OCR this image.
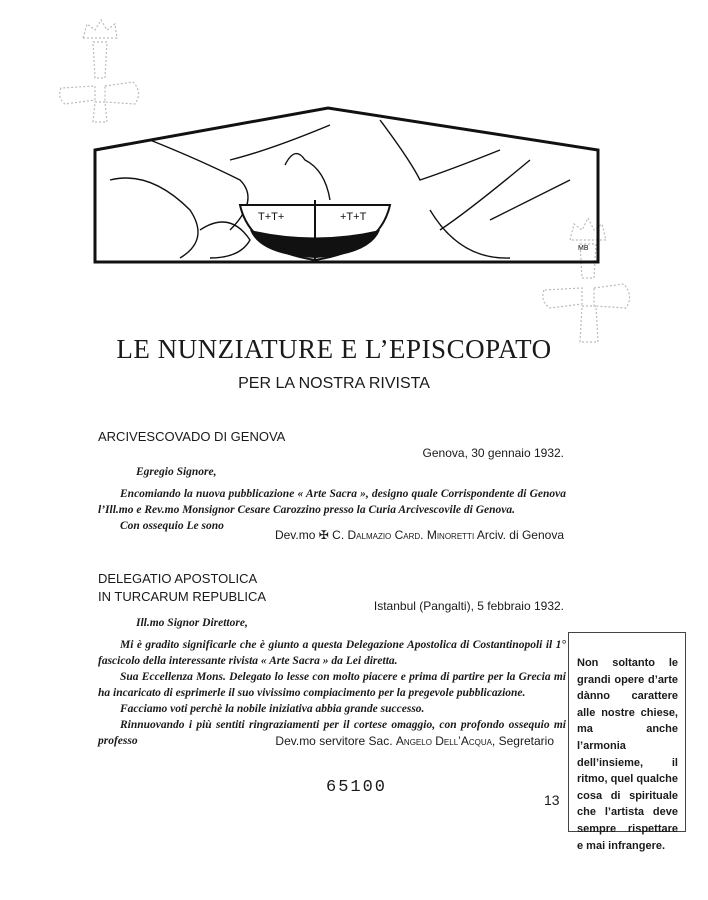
T+T+	+T+T
MB
LE NUNZIATURE E L’EPISCOPATO
PER LA NOSTRA RIVISTA
ARCIVESCOVADO DI GENOVA
Genova, 30 gennaio 1932.
Egregio Signore,

Encomiando la nuova pubblicazione « Arte Sacra », designo quale Corrispondente di Genova l’Ill.mo e Rev.mo Monsignor Cesare Carozzino presso la Curia Arcivescovile di Genova.

Con ossequio Le sono

Dev.mo ✠ C. Dalmazio Card. Minoretti Arciv. di Genova
DELEGATIO APOSTOLICA
IN TURCARUM REPUBLICA
Istanbul (Pangalti), 5 febbraio 1932.
Ill.mo Signor Direttore,

Mi è gradito significarle che è giunto a questa Delegazione Apostolica di Costantinopoli il 1° fascicolo della interessante rivista « Arte Sacra » da Lei diretta.

Sua Eccellenza Mons. Delegato lo lesse con molto piacere e prima di partire per la Grecia mi ha incaricato di esprimerle il suo vivissimo compiacimento per la pregevole pubblicazione.

Facciamo voti perchè la nobile iniziativa abbia grande successo.

Rinnuovando i più sentiti ringraziamenti per il cortese omaggio, con profondo ossequio mi professo	Dev.mo servitore Sac. Angelo Dell’Acqua, Segretario
Non soltanto le grandi opere d’arte dànno carattere alle nostre chiese, ma anche l’armonia dell’insieme, il ritmo, quel qualche cosa di spirituale che l’artista deve sempre rispettare e mai infrangere.
65100
13
